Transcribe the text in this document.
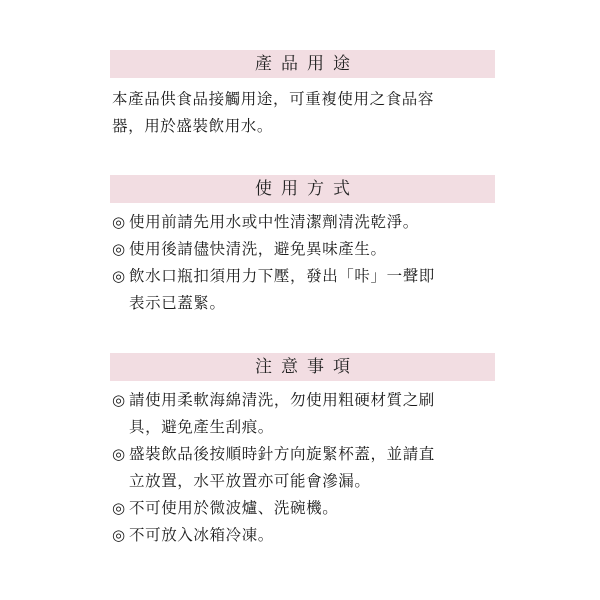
產品用途
本產品供食品接觸用途，可重複使用之食品容
器，用於盛裝飲用水。
使用方式
◎ 使用前請先用水或中性清潔劑清洗乾淨。
◎ 使用後請儘快清洗，避免異味產生。
◎ 飲水口瓶扣須用力下壓，發出「咔」一聲即
表示已蓋緊。
注意事項
◎ 請使用柔軟海綿清洗，勿使用粗硬材質之刷
具，避免產生刮痕。
◎ 盛裝飲品後按順時針方向旋緊杯蓋，並請直
立放置，水平放置亦可能會滲漏。
◎ 不可使用於微波爐、洗碗機。
◎ 不可放入冰箱冷凍。
